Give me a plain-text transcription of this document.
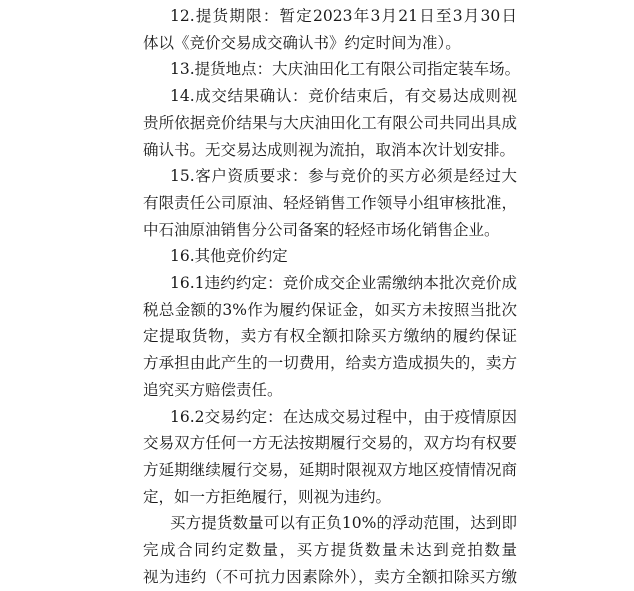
12.提货期限：暂定2023年3月21日至3月30日
体以《竞价交易成交确认书》约定时间为准）。
13.提货地点：大庆油田化工有限公司指定装车场。
14.成交结果确认：竞价结束后，有交易达成则视
贵所依据竞价结果与大庆油田化工有限公司共同出具成
确认书。无交易达成则视为流拍，取消本次计划安排。
15.客户资质要求：参与竞价的买方必须是经过大
有限责任公司原油、轻烃销售工作领导小组审核批准，
中石油原油销售分公司备案的轻烃市场化销售企业。
16.其他竞价约定
16.1违约约定：竞价成交企业需缴纳本批次竞价成
税总金额的3%作为履约保证金，如买方未按照当批次
定提取货物，卖方有权全额扣除买方缴纳的履约保证
方承担由此产生的一切费用，给卖方造成损失的，卖方
追究买方赔偿责任。
16.2交易约定：在达成交易过程中，由于疫情原因
交易双方任何一方无法按期履行交易的，双方均有权要
方延期继续履行交易，延期时限视双方地区疫情情况商
定，如一方拒绝履行，则视为违约。
买方提货数量可以有正负10%的浮动范围，达到即
完成合同约定数量，买方提货数量未达到竞拍数量
视为违约（不可抗力因素除外），卖方全额扣除买方缴
